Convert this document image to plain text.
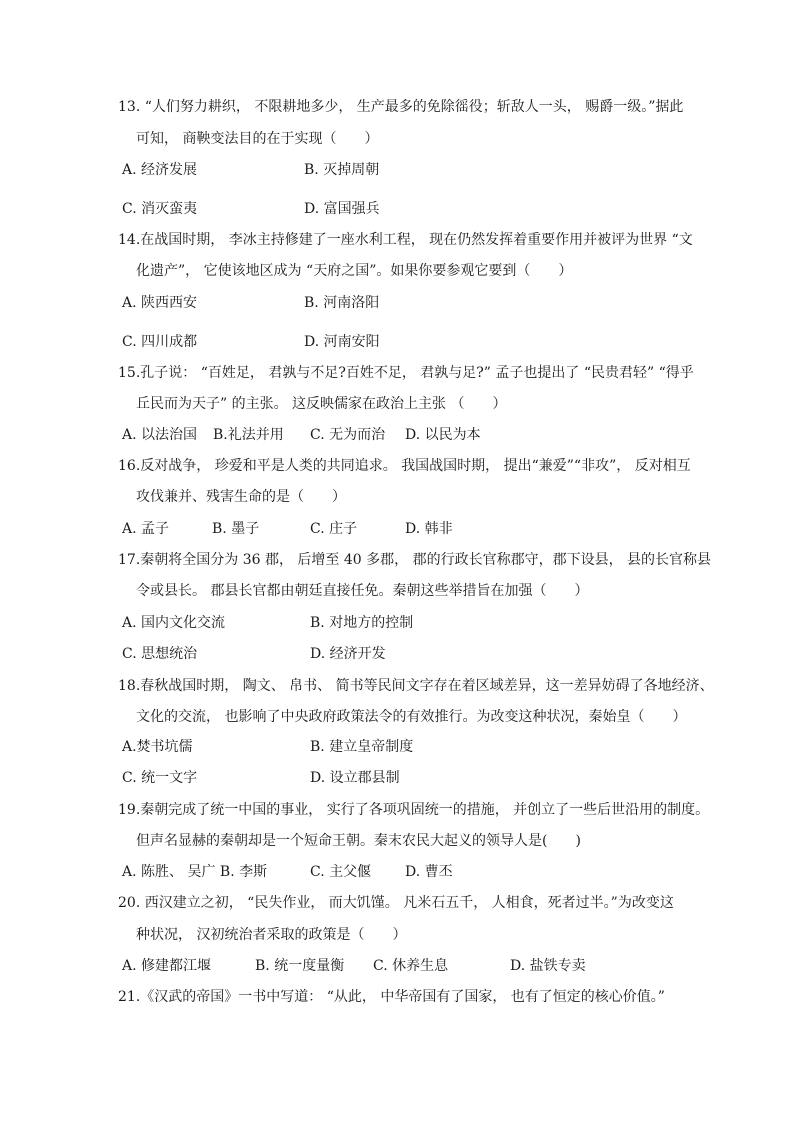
13. “人们努力耕织， 不限耕地多少， 生产最多的免除徭役；斩敌人一头， 赐爵一级。”据此
可知， 商鞅变法目的在于实现（　　）
A. 经济发展	B. 灭掉周朝
C. 消灭蛮夷	D. 富国强兵
14.在战国时期， 李冰主持修建了一座水利工程， 现在仍然发挥着重要作用并被评为世界 “文
化遗产”， 它使该地区成为 “天府之国”。如果你要参观它要到（　　）
A. 陕西西安	B. 河南洛阳
C. 四川成都	D. 河南安阳
15.孔子说： “百姓足， 君孰与不足?百姓不足， 君孰与足?” 孟子也提出了 “民贵君轻” “得乎
丘民而为天子” 的主张。 这反映儒家在政治上主张 （　　）
A. 以法治国 B.礼法并用 C. 无为而治 D. 以民为本
16.反对战争， 珍爱和平是人类的共同追求。 我国战国时期， 提出“兼爱”“非攻”， 反对相互
攻伐兼并、残害生命的是（　　）
A. 孟子	B. 墨子	C. 庄子	D. 韩非
17.秦朝将全国分为 36 郡， 后增至 40 多郡， 郡的行政长官称郡守，郡下设县， 县的长官称县
令或县长。 郡县长官都由朝廷直接任免。秦朝这些举措旨在加强（　　）
A. 国内文化交流	B. 对地方的控制
C. 思想统治	D. 经济开发
18.春秋战国时期， 陶文、 帛书、 简书等民间文字存在着区域差异，这一差异妨碍了各地经济、
文化的交流， 也影响了中央政府政策法令的有效推行。为改变这种状况，秦始皇（　　）
A.焚书坑儒	B. 建立皇帝制度
C. 统一文字	D. 设立郡县制
19.秦朝完成了统一中国的事业， 实行了各项巩固统一的措施， 并创立了一些后世沿用的制度。
但声名显赫的秦朝却是一个短命王朝。秦末农民大起义的领导人是(　　)
A. 陈胜、 吴广 B. 李斯	C. 主父偃 D. 曹丕
20. 西汉建立之初， “民失作业， 而大饥馑。 凡米石五千， 人相食，死者过半。”为改变这
种状况， 汉初统治者采取的政策是（　　）
A. 修建都江堰	B. 统一度量衡 C. 休养生息	D. 盐铁专卖
21.《汉武的帝国》一书中写道： “从此， 中华帝国有了国家， 也有了恒定的核心价值。”
